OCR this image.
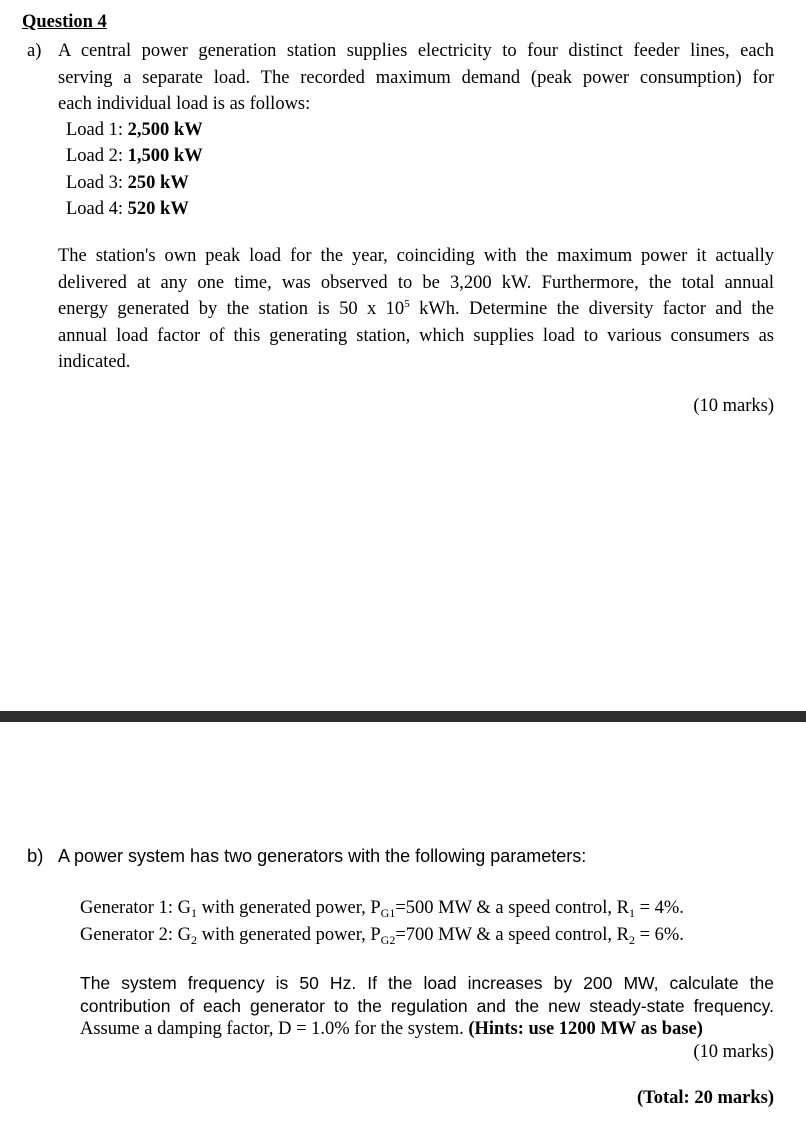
Question 4
a) A central power generation station supplies electricity to four distinct feeder lines, each
serving a separate load. The recorded maximum demand (peak power consumption) for
each individual load is as follows:
Load 1: 2,500 kW
Load 2: 1,500 kW
Load 3: 250 kW
Load 4: 520 kW
The station's own peak load for the year, coinciding with the maximum power it actually
delivered at any one time, was observed to be 3,200 kW. Furthermore, the total annual
energy generated by the station is 50 x $10^5$ kWh. Determine the diversity factor and the
annual load factor of this generating station, which supplies load to various consumers as
indicated.
(10 marks)
b) A power system has two generators with the following parameters:
Generator 1: $G_1$ with generated power, $P_{G1}=500$ MW & a speed control, $R_1 = 4\%$.
Generator 2: $G_2$ with generated power, $P_{G2}=700$ MW & a speed control, $R_2 = 6\%$.
The system frequency is 50 Hz. If the load increases by 200 MW, calculate the
contribution of each generator to the regulation and the new steady-state frequency.
Assume a damping factor, D = 1.0% for the system. (Hints: use 1200 MW as base)
(10 marks)
(Total: 20 marks)
